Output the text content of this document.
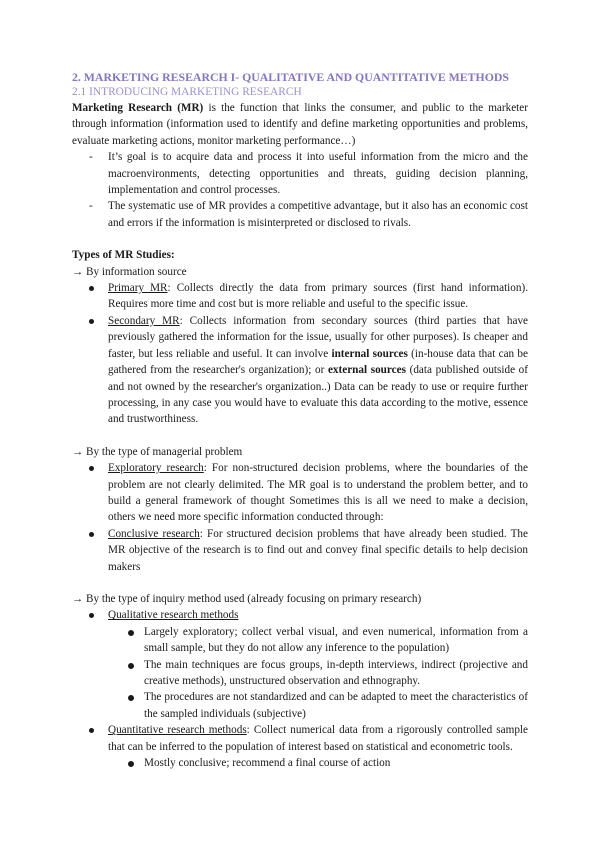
2. MARKETING RESEARCH I- QUALITATIVE AND QUANTITATIVE METHODS
2.1 INTRODUCING MARKETING RESEARCH

Marketing Research (MR) is the function that links the consumer, and public to the marketer through information (information used to identify and define marketing opportunities and problems, evaluate marketing actions, monitor marketing performance…)

- It’s goal is to acquire data and process it into useful information from the micro and the macroenvironments, detecting opportunities and threats, guiding decision planning, implementation and control processes.
- The systematic use of MR provides a competitive advantage, but it also has an economic cost and errors if the information is misinterpreted or disclosed to rivals.

Types of MR Studies:

→ By information source

Primary MR: Collects directly the data from primary sources (first hand information). Requires more time and cost but is more reliable and useful to the specific issue.
Secondary MR: Collects information from secondary sources (third parties that have previously gathered the information for the issue, usually for other purposes). Is cheaper and faster, but less reliable and useful. It can involve internal sources (in-house data that can be gathered from the researcher's organization); or external sources (data published outside of and not owned by the researcher's organization..) Data can be ready to use or require further processing, in any case you would have to evaluate this data according to the motive, essence and trustworthiness.

→ By the type of managerial problem

Exploratory research: For non-structured decision problems, where the boundaries of the problem are not clearly delimited. The MR goal is to understand the problem better, and to build a general framework of thought Sometimes this is all we need to make a decision, others we need more specific information conducted through:
Conclusive research: For structured decision problems that have already been studied. The MR objective of the research is to find out and convey final specific details to help decision makers

→ By the type of inquiry method used (already focusing on primary research)

Qualitative research methods
Largely exploratory; collect verbal visual, and even numerical, information from a small sample, but they do not allow any inference to the population)
The main techniques are focus groups, in-depth interviews, indirect (projective and creative methods), unstructured observation and ethnography.
The procedures are not standardized and can be adapted to meet the characteristics of the sampled individuals (subjective)
Quantitative research methods: Collect numerical data from a rigorously controlled sample that can be inferred to the population of interest based on statistical and econometric tools.
Mostly conclusive; recommend a final course of action
